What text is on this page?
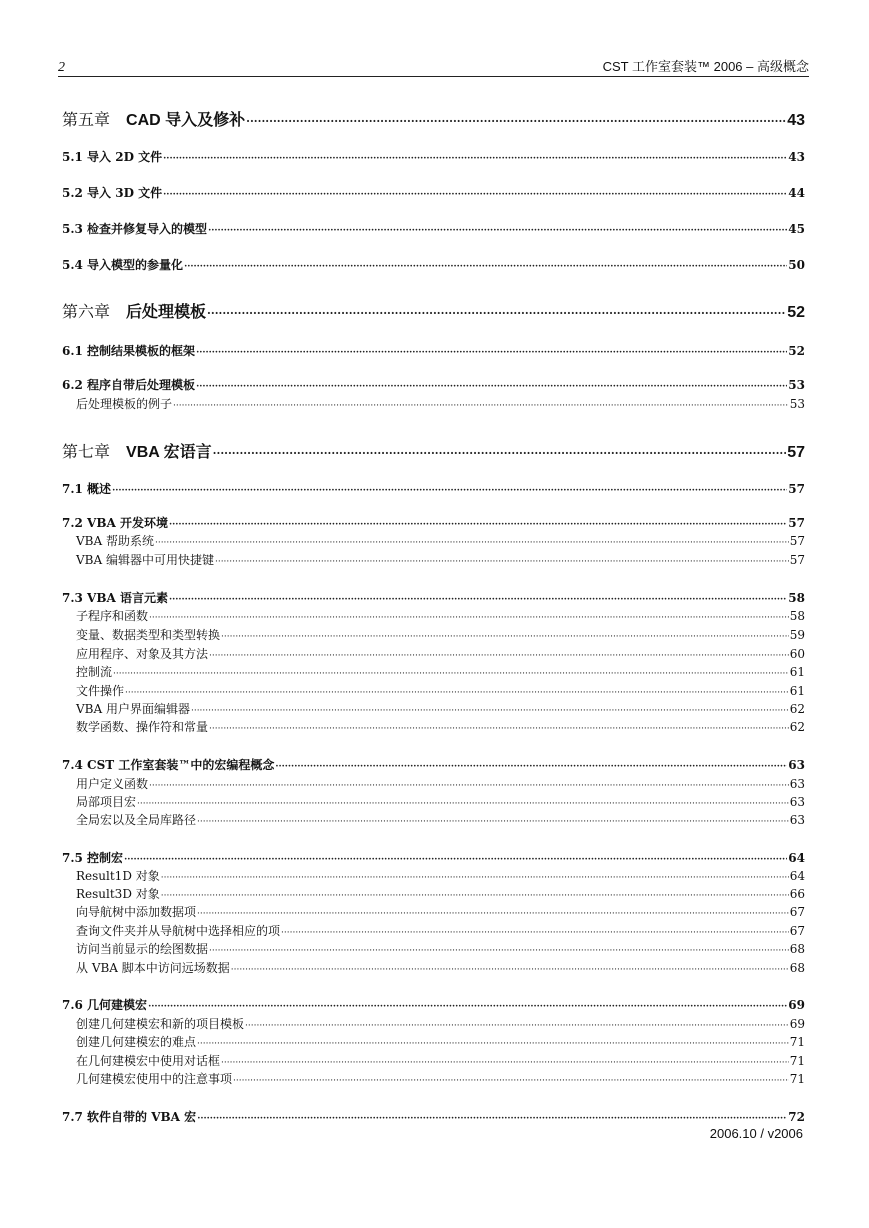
2	CST 工作室套装™ 2006 – 高级概念
第五章  CAD 导入及修补 ·····	43
5.1 导入 2D 文件 ·····	43
5.2 导入 3D 文件 ·····	44
5.3 检查并修复导入的模型 ·····	45
5.4 导入模型的参量化 ·····	50
第六章  后处理模板 ·····	52
6.1 控制结果模板的框架 ·····	52
6.2 程序自带后处理模板 ·····	53
后处理模板的例子 ·····	53
第七章  VBA 宏语言 ·····	57
7.1 概述 ·····	57
7.2 VBA 开发环境 ·····	57
VBA 帮助系统 ·····	57
VBA 编辑器中可用快捷键 ·····	57
7.3 VBA 语言元素 ·····	58
子程序和函数 ·····	58
变量、数据类型和类型转换 ·····	59
应用程序、对象及其方法 ·····	60
控制流 ·····	61
文件操作 ·····	61
VBA 用户界面编辑器 ·····	62
数学函数、操作符和常量 ·····	62
7.4 CST 工作室套装™中的宏编程概念 ·····	63
用户定义函数 ·····	63
局部项目宏 ·····	63
全局宏以及全局库路径 ·····	63
7.5 控制宏 ·····	64
Result1D 对象 ·····	64
Result3D 对象 ·····	66
向导航树中添加数据项 ·····	67
查询文件夹并从导航树中选择相应的项 ·····	67
访问当前显示的绘图数据 ·····	68
从 VBA 脚本中访问远场数据 ·····	68
7.6 几何建模宏 ·····	69
创建几何建模宏和新的项目模板 ·····	69
创建几何建模宏的难点 ·····	71
在几何建模宏中使用对话框 ·····	71
几何建模宏使用中的注意事项 ·····	71
7.7 软件自带的 VBA 宏 ·····	72
2006.10 / v2006
